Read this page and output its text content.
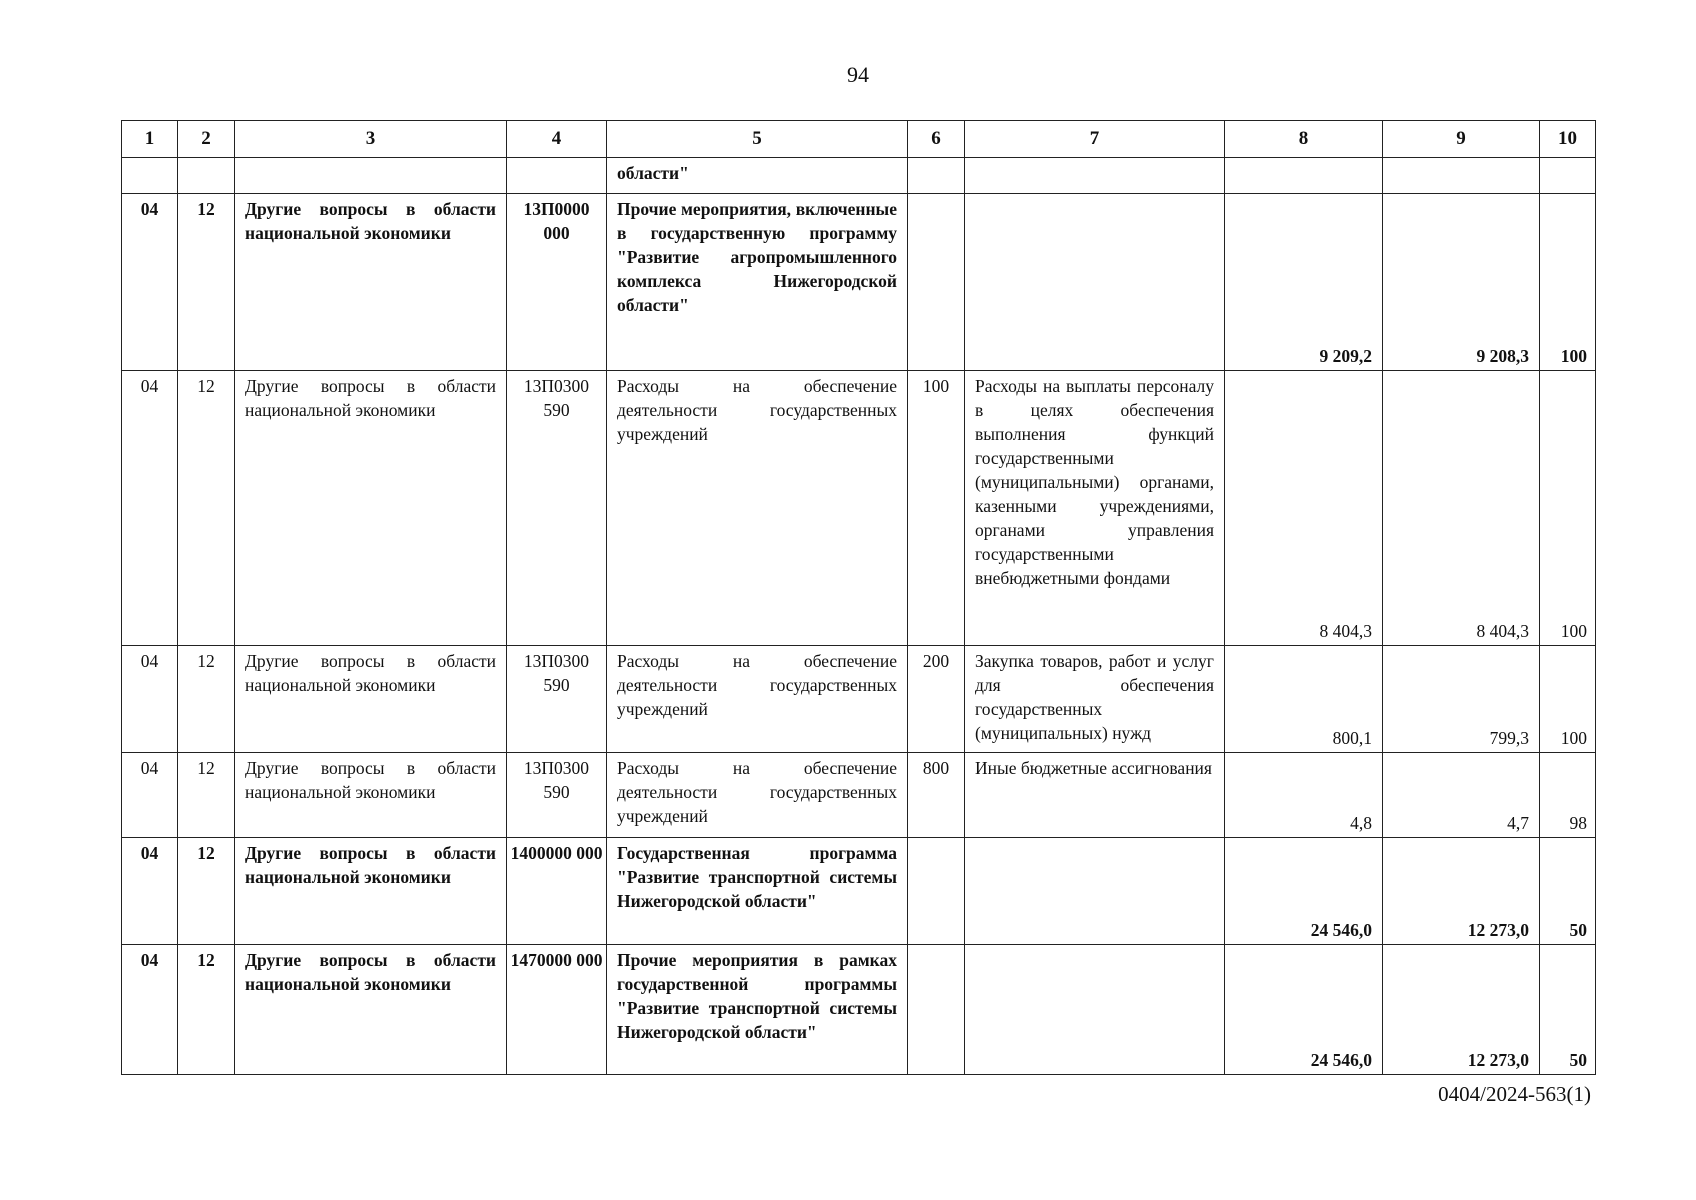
94
1	2	3	4	5	6	7	8	9	10
				области"					
04	12	Другие вопросы в области национальной экономики	13П0000 000	Прочие мероприятия, включенные в государственную программу "Развитие агропромышленного комплекса Нижегородской области"			9 209,2	9 208,3	100
04	12	Другие вопросы в области национальной экономики	13П0300 590	Расходы на обеспечение деятельности государственных учреждений	100	Расходы на выплаты персоналу в целях обеспечения выполнения функций государственными (муниципальными) органами, казенными учреждениями, органами управления государственными внебюджетными фондами	8 404,3	8 404,3	100
04	12	Другие вопросы в области национальной экономики	13П0300 590	Расходы на обеспечение деятельности государственных учреждений	200	Закупка товаров, работ и услуг для обеспечения государственных (муниципальных) нужд	800,1	799,3	100
04	12	Другие вопросы в области национальной экономики	13П0300 590	Расходы на обеспечение деятельности государственных учреждений	800	Иные бюджетные ассигнования	4,8	4,7	98
04	12	Другие вопросы в области национальной экономики	1400000 000	Государственная программа "Развитие транспортной системы Нижегородской области"			24 546,0	12 273,0	50
04	12	Другие вопросы в области национальной экономики	1470000 000	Прочие мероприятия в рамках государственной программы "Развитие транспортной системы Нижегородской области"			24 546,0	12 273,0	50
0404/2024-563(1)
